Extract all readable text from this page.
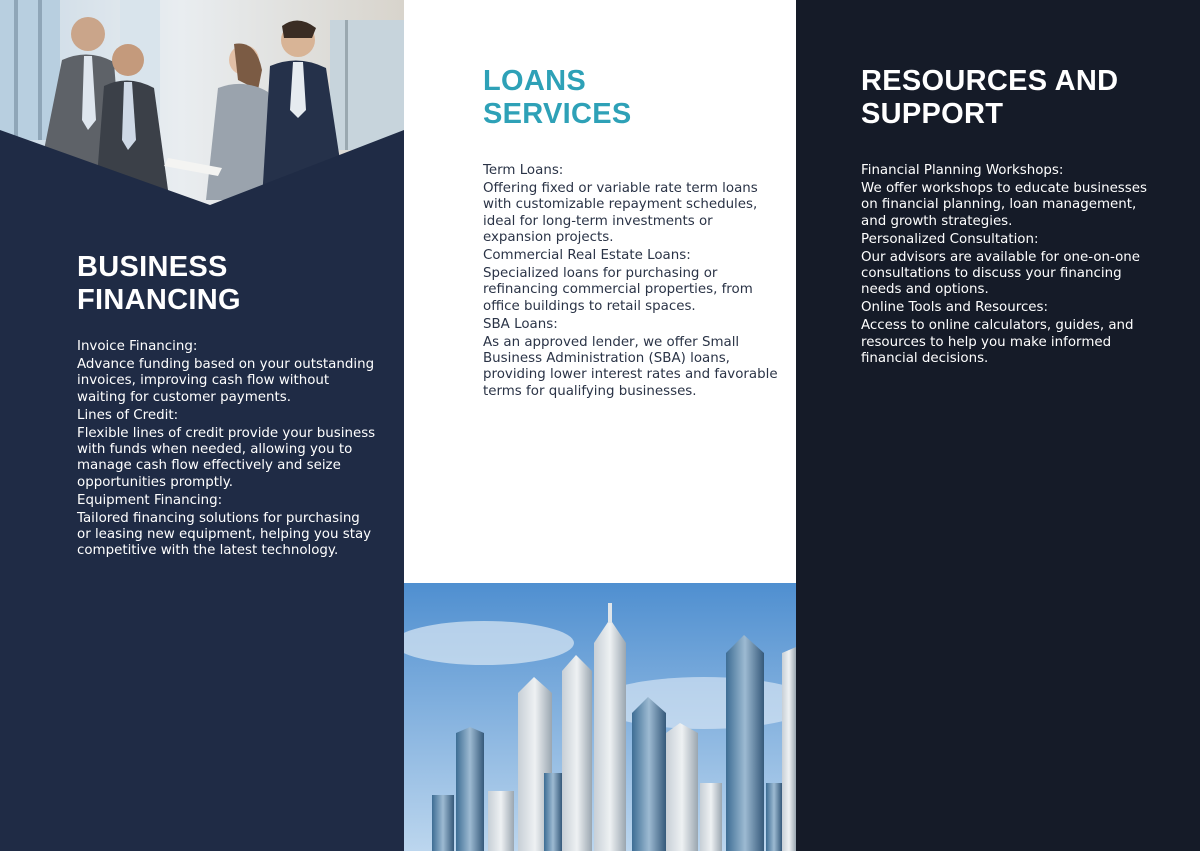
BUSINESS
FINANCING
Invoice Financing:
Advance funding based on your outstanding invoices, improving cash flow without waiting for customer payments.
Lines of Credit:
Flexible lines of credit provide your business with funds when needed, allowing you to manage cash flow effectively and seize opportunities promptly.
Equipment Financing:
Tailored financing solutions for purchasing or leasing new equipment, helping you stay competitive with the latest technology.
LOANS
SERVICES
Term Loans:
Offering fixed or variable rate term loans with customizable repayment schedules, ideal for long-term investments or expansion projects.
Commercial Real Estate Loans:
Specialized loans for purchasing or refinancing commercial properties, from office buildings to retail spaces.
SBA Loans:
As an approved lender, we offer Small Business Administration (SBA) loans, providing lower interest rates and favorable terms for qualifying businesses.
RESOURCES AND
SUPPORT
Financial Planning Workshops:
We offer workshops to educate businesses on financial planning, loan management, and growth strategies.
Personalized Consultation:
Our advisors are available for one-on-one consultations to discuss your financing needs and options.
Online Tools and Resources:
Access to online calculators, guides, and resources to help you make informed financial decisions.
